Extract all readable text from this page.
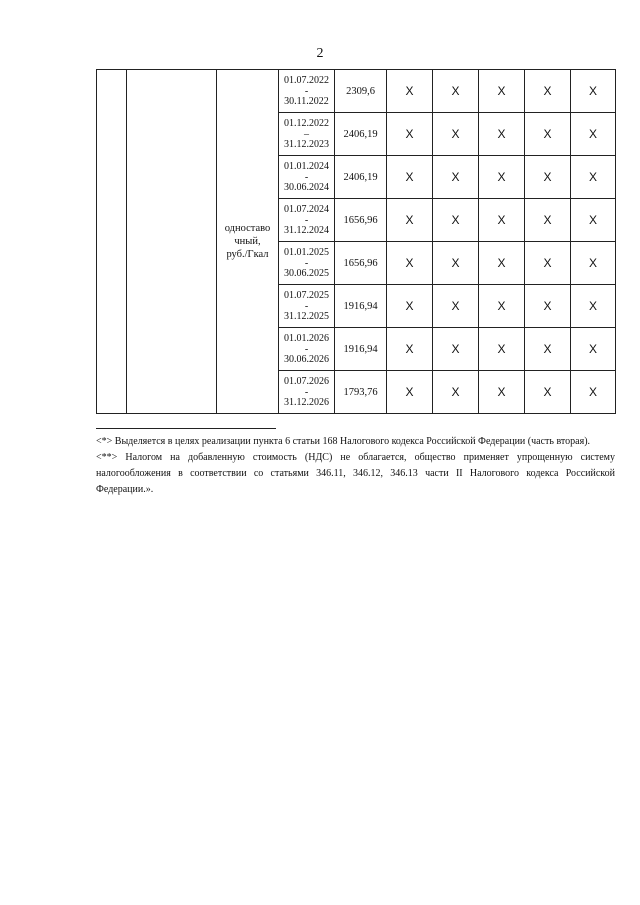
2
		одноставо
чный,
руб./Гкал	01.07.2022
-
30.11.2022	2309,6	X	X	X	X	X
			01.12.2022
–
31.12.2023	2406,19	X	X	X	X	X
			01.01.2024
-
30.06.2024	2406,19	X	X	X	X	X
			01.07.2024
-
31.12.2024	1656,96	X	X	X	X	X
			01.01.2025
-
30.06.2025	1656,96	X	X	X	X	X
			01.07.2025
-
31.12.2025	1916,94	X	X	X	X	X
			01.01.2026
-
30.06.2026	1916,94	X	X	X	X	X
			01.07.2026
-
31.12.2026	1793,76	X	X	X	X	X

<*> Выделяется в целях реализации пункта 6 статьи 168 Налогового кодекса Российской Федерации (часть вторая).

<**> Налогом на добавленную стоимость (НДС) не облагается, общество применяет упрощенную систему налогообложения в соответствии со статьями 346.11, 346.12, 346.13 части II Налогового кодекса Российской Федерации.».
